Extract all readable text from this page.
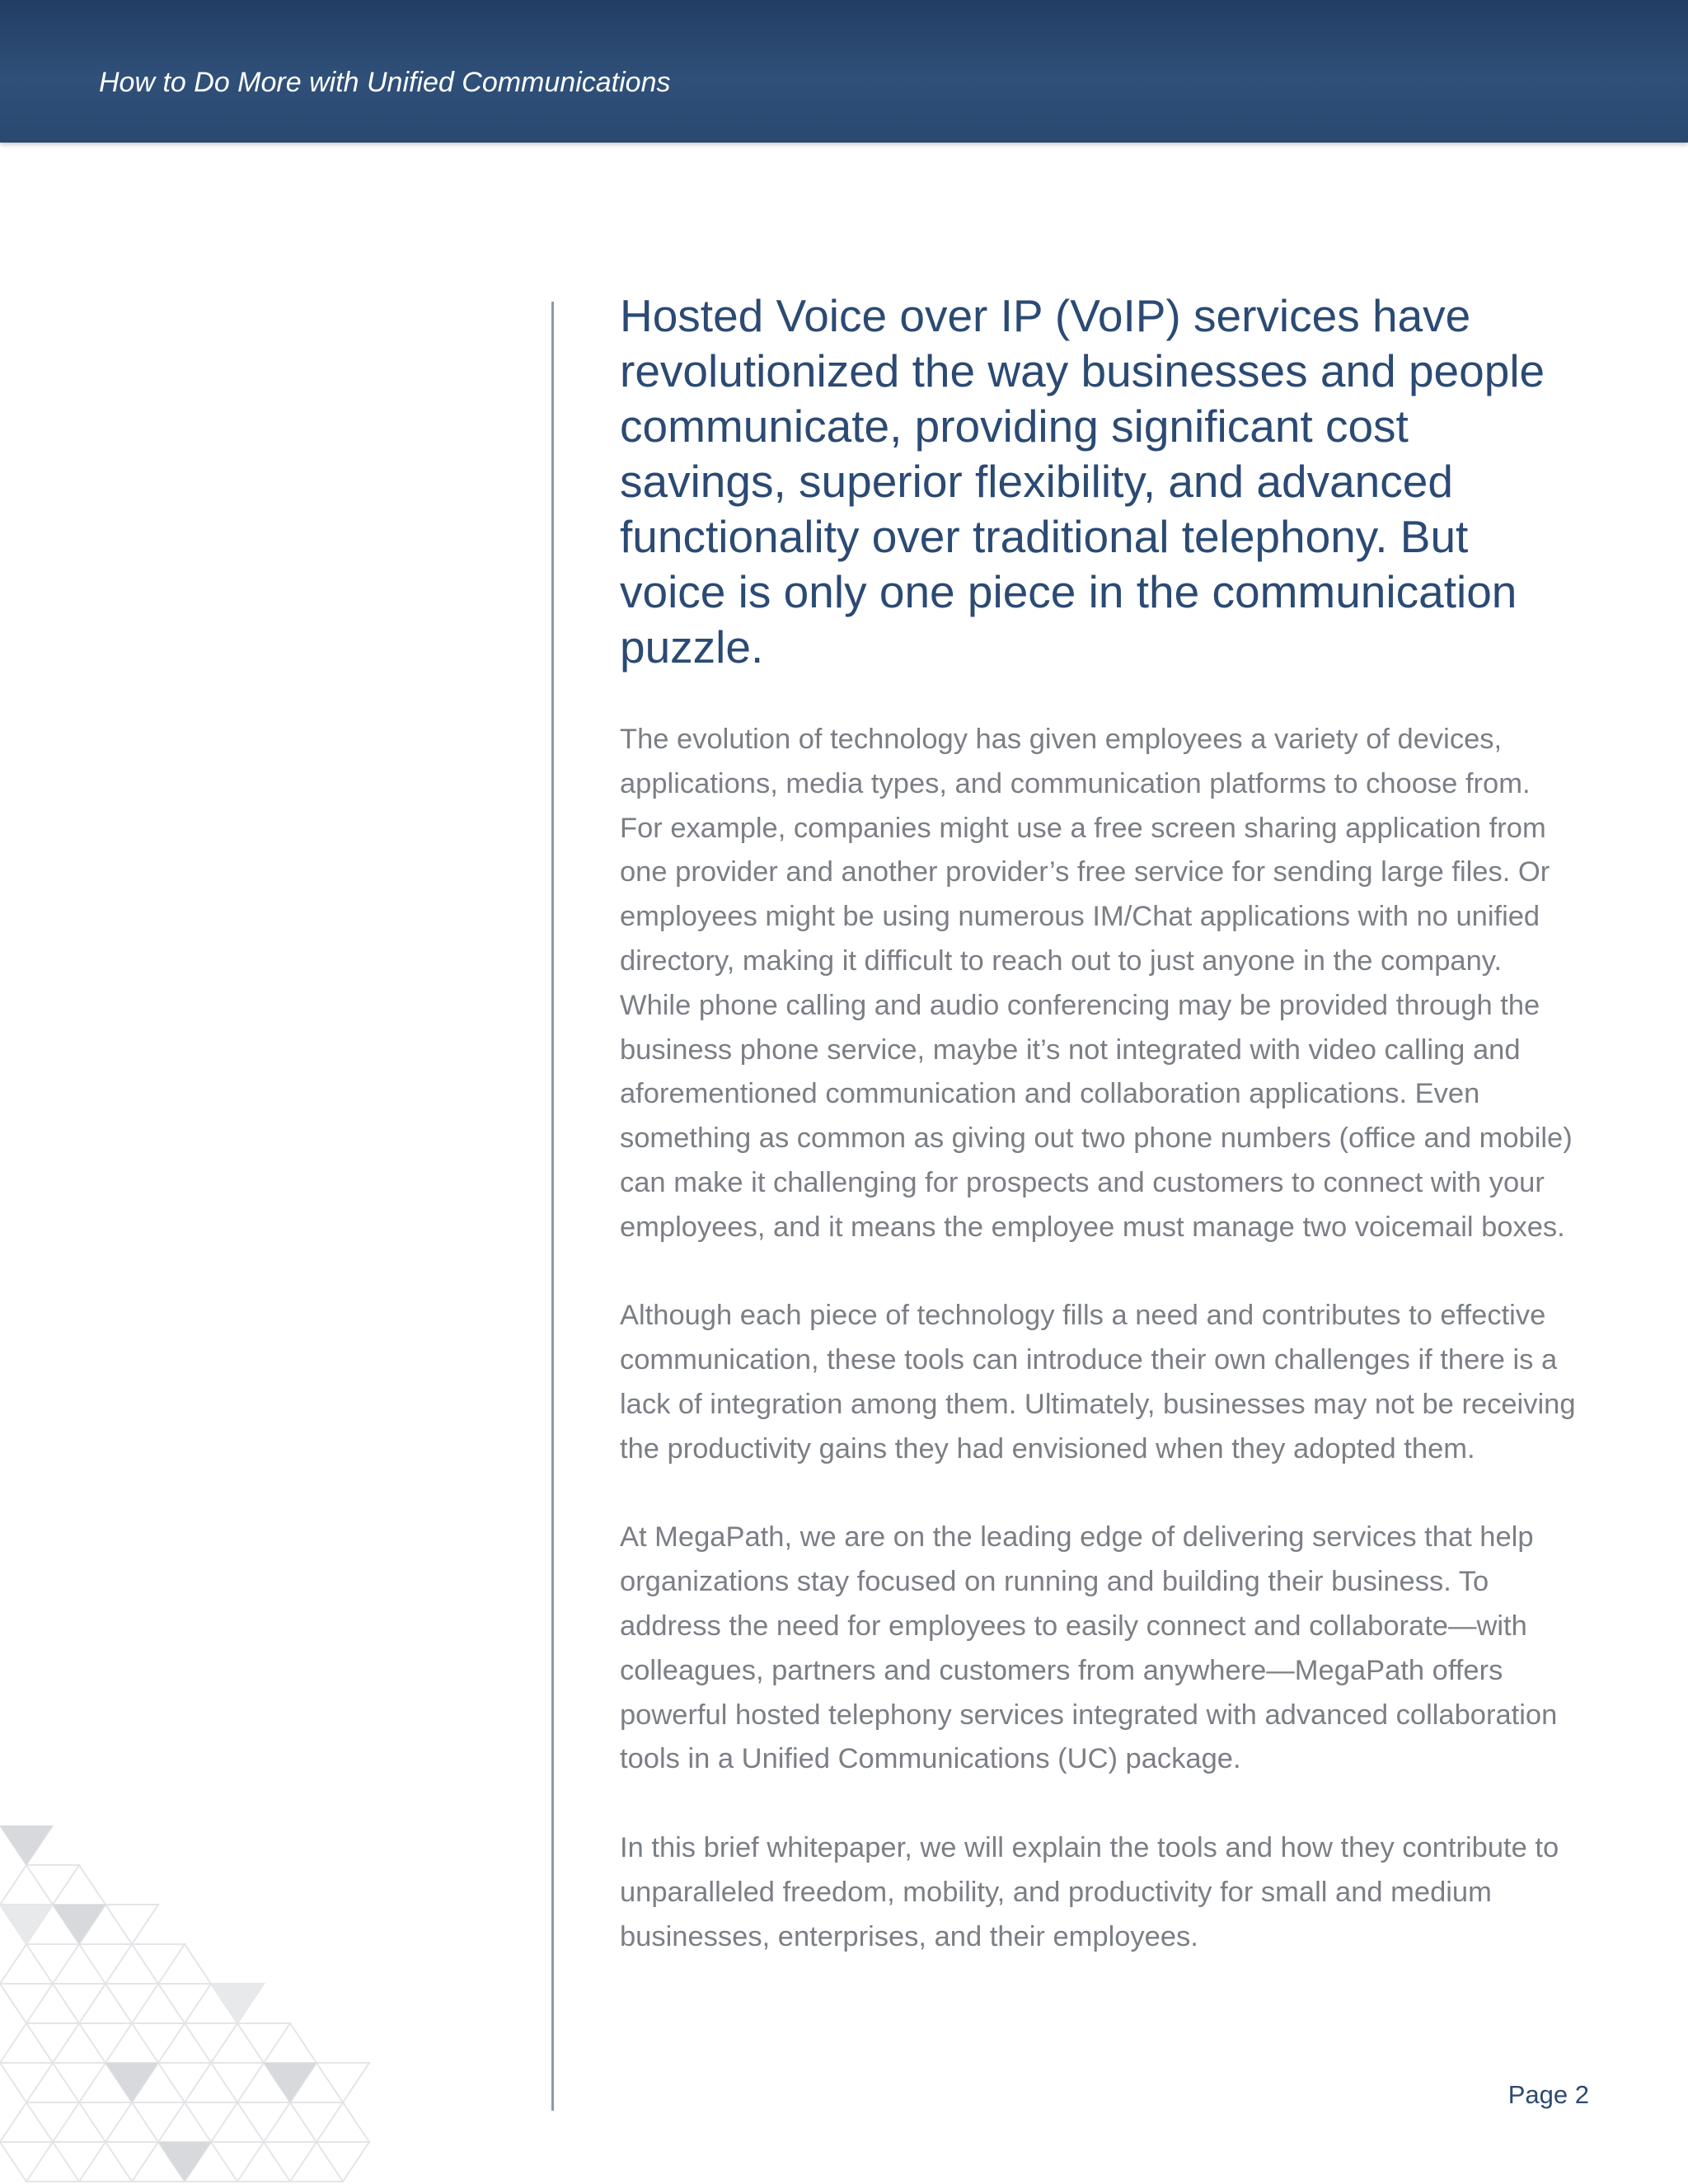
How to Do More with Unified Communications
Hosted Voice over IP (VoIP) services have revolutionized the way businesses and people communicate, providing significant cost savings, superior flexibility, and advanced functionality over traditional telephony. But voice is only one piece in the communication puzzle.

The evolution of technology has given employees a variety of devices, applications, media types, and communication platforms to choose from. For example, companies might use a free screen sharing application from one provider and another provider’s free service for sending large files. Or employees might be using numerous IM/Chat applications with no unified directory, making it difficult to reach out to just anyone in the company. While phone calling and audio conferencing may be provided through the business phone service, maybe it’s not integrated with video calling and aforementioned communication and collaboration applications. Even something as common as giving out two phone numbers (office and mobile) can make it challenging for prospects and customers to connect with your employees, and it means the employee must manage two voicemail boxes.

Although each piece of technology fills a need and contributes to effective communication, these tools can introduce their own challenges if there is a lack of integration among them. Ultimately, businesses may not be receiving the productivity gains they had envisioned when they adopted them.

At MegaPath, we are on the leading edge of delivering services that help organizations stay focused on running and building their business. To address the need for employees to easily connect and collaborate—with colleagues, partners and customers from anywhere—MegaPath offers powerful hosted telephony services integrated with advanced collaboration tools in a Unified Communications (UC) package.

In this brief whitepaper, we will explain the tools and how they contribute to unparalleled freedom, mobility, and productivity for small and medium businesses, enterprises, and their employees.

Page 2
